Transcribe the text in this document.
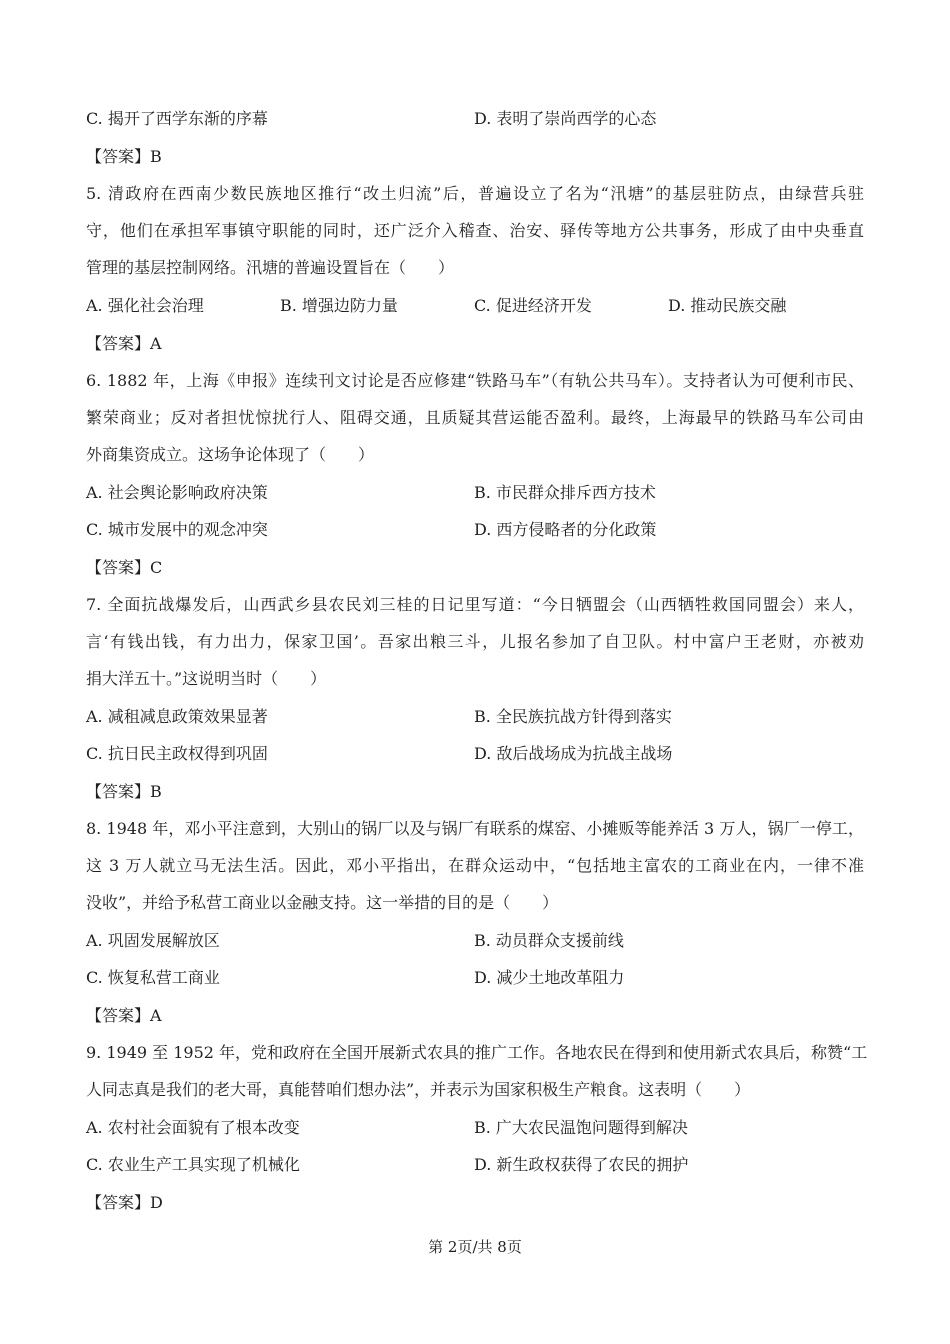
C. 揭开了西学东渐的序幕	D. 表明了崇尚西学的心态
【答案】B
5. 清政府在西南少数民族地区推行“改土归流”后，普遍设立了名为“汛塘”的基层驻防点，由绿营兵驻
守，他们在承担军事镇守职能的同时，还广泛介入稽查、治安、驿传等地方公共事务，形成了由中央垂直
管理的基层控制网络。汛塘的普遍设置旨在（　　）
A. 强化社会治理	B. 增强边防力量	C. 促进经济开发	D. 推动民族交融
【答案】A
6. 1882 年，上海《申报》连续刊文讨论是否应修建“铁路马车”（有轨公共马车）。支持者认为可便利市民、
繁荣商业；反对者担忧惊扰行人、阻碍交通，且质疑其营运能否盈利。最终，上海最早的铁路马车公司由
外商集资成立。这场争论体现了（　　）
A. 社会舆论影响政府决策	B. 市民群众排斥西方技术
C. 城市发展中的观念冲突	D. 西方侵略者的分化政策
【答案】C
7. 全面抗战爆发后，山西武乡县农民刘三桂的日记里写道：“今日牺盟会（山西牺牲救国同盟会）来人，
言‘有钱出钱，有力出力，保家卫国’。吾家出粮三斗，儿报名参加了自卫队。村中富户王老财，亦被劝
捐大洋五十。”这说明当时（　　）
A. 减租减息政策效果显著	B. 全民族抗战方针得到落实
C. 抗日民主政权得到巩固	D. 敌后战场成为抗战主战场
【答案】B
8. 1948 年，邓小平注意到，大别山的锅厂以及与锅厂有联系的煤窑、小摊贩等能养活 3 万人，锅厂一停工，
这 3 万人就立马无法生活。因此，邓小平指出，在群众运动中，“包括地主富农的工商业在内，一律不准
没收”，并给予私营工商业以金融支持。这一举措的目的是（　　）
A. 巩固发展解放区	B. 动员群众支援前线
C. 恢复私营工商业	D. 减少土地改革阻力
【答案】A
9. 1949 至 1952 年，党和政府在全国开展新式农具的推广工作。各地农民在得到和使用新式农具后，称赞“工
人同志真是我们的老大哥，真能替咱们想办法”，并表示为国家积极生产粮食。这表明（　　）
A. 农村社会面貌有了根本改变	B. 广大农民温饱问题得到解决
C. 农业生产工具实现了机械化	D. 新生政权获得了农民的拥护
【答案】D
第 2页/共 8页
